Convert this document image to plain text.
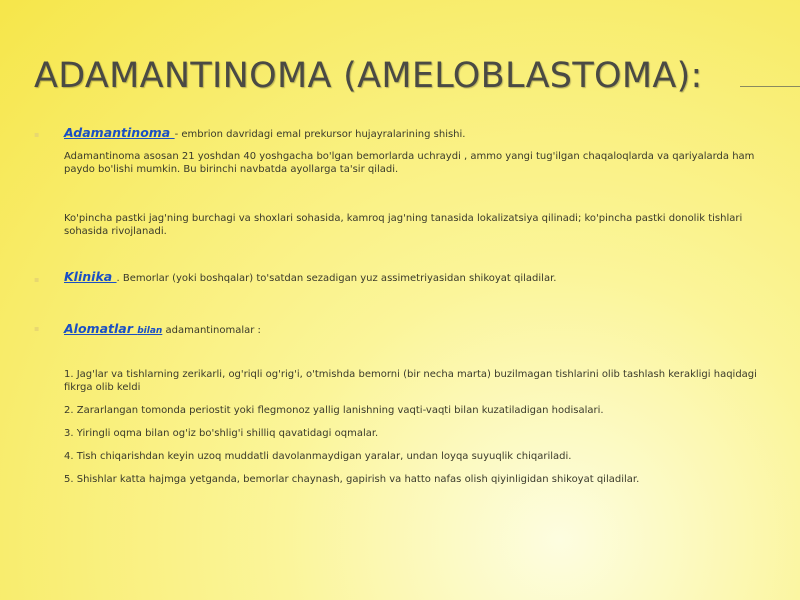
ADAMANTINOMA (AMELOBLASTOMA):
▪
▪
▪

Adamantinoma - embrion davridagi emal prekursor hujayralarining shishi.

Adamantinoma asosan 21 yoshdan 40 yoshgacha bo'lgan bemorlarda uchraydi , ammo yangi tug'ilgan chaqaloqlarda va qariyalarda ham paydo bo'lishi mumkin. Bu birinchi navbatda ayollarga ta'sir qiladi.

Ko'pincha pastki jag'ning burchagi va shoxlari sohasida, kamroq jag'ning tanasida lokalizatsiya qilinadi; ko'pincha pastki donolik tishlari sohasida rivojlanadi.

Klinika . Bemorlar (yoki boshqalar) to'satdan sezadigan yuz assimetriyasidan shikoyat qiladilar.

Alomatlar bilan adamantinomalar :

1. Jag'lar va tishlarning zerikarli, og'riqli og'rig'i, o'tmishda bemorni (bir necha marta) buzilmagan tishlarini olib tashlash kerakligi haqidagi fikrga olib keldi

2. Zararlangan tomonda periostit yoki flegmonoz yallig lanishning vaqti-vaqti bilan kuzatiladigan hodisalari.

3. Yiringli oqma bilan og'iz bo'shlig'i shilliq qavatidagi oqmalar.

4. Tish chiqarishdan keyin uzoq muddatli davolanmaydigan yaralar, undan loyqa suyuqlik chiqariladi.

5. Shishlar katta hajmga yetganda, bemorlar chaynash, gapirish va hatto nafas olish qiyinligidan shikoyat qiladilar.
